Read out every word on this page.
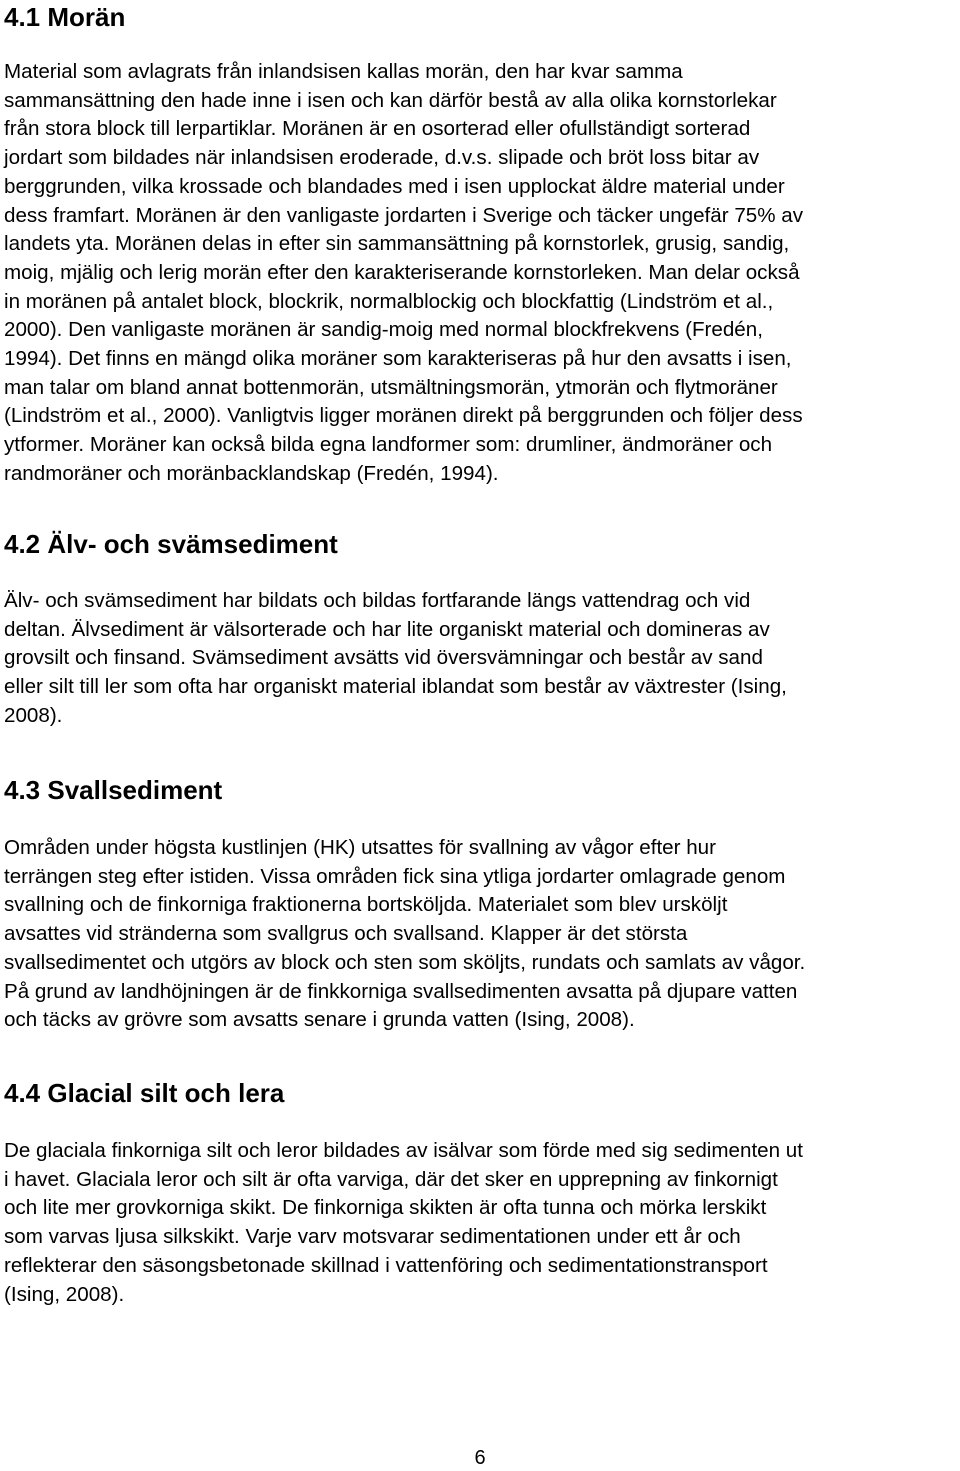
4.1 Morän
Material som avlagrats från inlandsisen kallas morän, den har kvar samma
sammansättning den hade inne i isen och kan därför bestå av alla olika kornstorlekar
från stora block till lerpartiklar. Moränen är en osorterad eller ofullständigt sorterad
jordart som bildades när inlandsisen eroderade, d.v.s. slipade och bröt loss bitar av
berggrunden, vilka krossade och blandades med i isen upplockat äldre material under
dess framfart. Moränen är den vanligaste jordarten i Sverige och täcker ungefär 75% av
landets yta. Moränen delas in efter sin sammansättning på kornstorlek, grusig, sandig,
moig, mjälig och lerig morän efter den karakteriserande kornstorleken. Man delar också
in moränen på antalet block, blockrik, normalblockig och blockfattig (Lindström et al.,
2000). Den vanligaste moränen är sandig-moig med normal blockfrekvens (Fredén,
1994). Det finns en mängd olika moräner som karakteriseras på hur den avsatts i isen,
man talar om bland annat bottenmorän, utsmältningsmorän, ytmorän och flytmoräner
(Lindström et al., 2000). Vanligtvis ligger moränen direkt på berggrunden och följer dess
ytformer. Moräner kan också bilda egna landformer som: drumliner, ändmoräner och
randmoräner och moränbacklandskap (Fredén, 1994).
4.2 Älv- och svämsediment
Älv- och svämsediment har bildats och bildas fortfarande längs vattendrag och vid
deltan. Älvsediment är välsorterade och har lite organiskt material och domineras av
grovsilt och finsand. Svämsediment avsätts vid översvämningar och består av sand
eller silt till ler som ofta har organiskt material iblandat som består av växtrester (Ising,
2008).
4.3 Svallsediment
Områden under högsta kustlinjen (HK) utsattes för svallning av vågor efter hur
terrängen steg efter istiden. Vissa områden fick sina ytliga jordarter omlagrade genom
svallning och de finkorniga fraktionerna bortsköljda. Materialet som blev ursköljt
avsattes vid stränderna som svallgrus och svallsand. Klapper är det största
svallsedimentet och utgörs av block och sten som sköljts, rundats och samlats av vågor.
På grund av landhöjningen är de finkkorniga svallsedimenten avsatta på djupare vatten
och täcks av grövre som avsatts senare i grunda vatten (Ising, 2008).
4.4 Glacial silt och lera
De glaciala finkorniga silt och leror bildades av isälvar som förde med sig sedimenten ut
i havet. Glaciala leror och silt är ofta varviga, där det sker en upprepning av finkornigt
och lite mer grovkorniga skikt. De finkorniga skikten är ofta tunna och mörka lerskikt
som varvas ljusa silkskikt. Varje varv motsvarar sedimentationen under ett år och
reflekterar den säsongsbetonade skillnad i vattenföring och sedimentationstransport
(Ising, 2008).
6
